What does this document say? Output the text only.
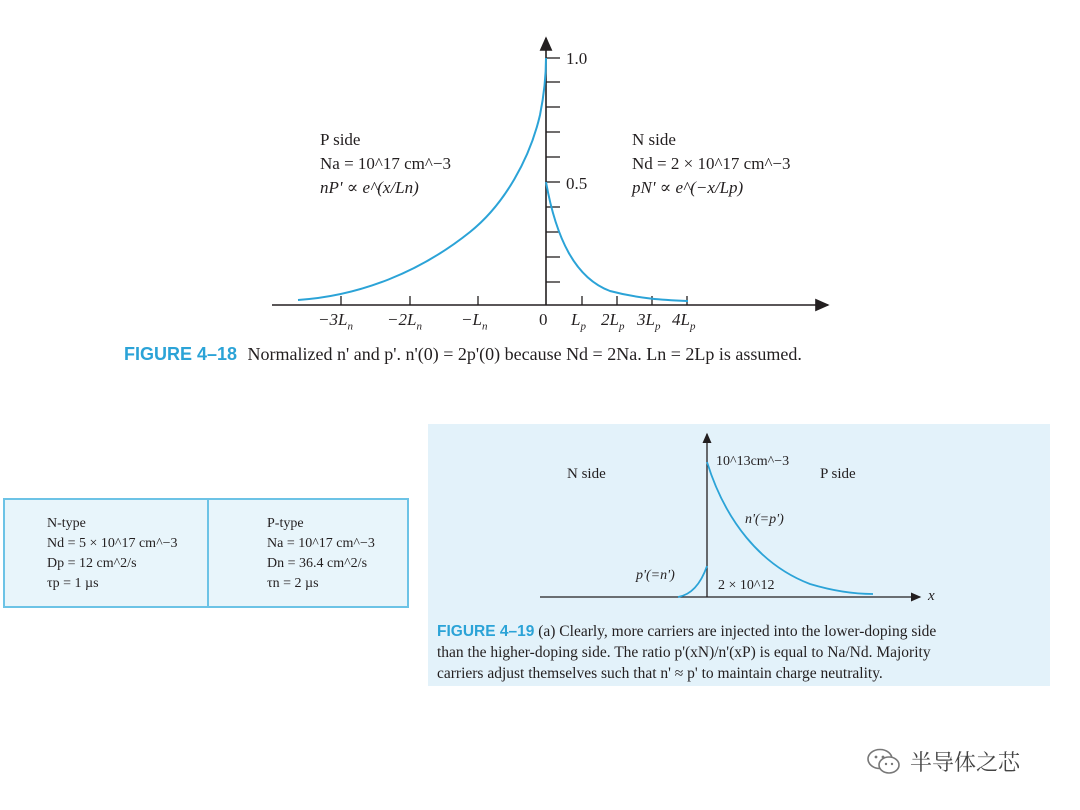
1.0
0.5
$-3L_n -2L_n -L_n$	0 $L_p$ $2L_p$ $3L_p$ $4L_p$
P side
Na = 10^17 cm^−3
nP' ∝ e^(x/Ln)
N side
Nd = 2 × 10^17 cm^−3
pN' ∝ e^(−x/Lp)
FIGURE 4–18 Normalized n' and p'. n'(0) = 2p'(0) because Nd = 2Na. Ln = 2Lp is assumed.
N-type
Nd = 5 × 10^17 cm^−3
Dp = 12 cm^2/s
τp = 1 µs
P-type
Na = 10^17 cm^−3
Dn = 36.4 cm^2/s
τn = 2 µs
N side	P side
10^13cm^−3
n'(=p')
p'(=n')
2 × 10^12
x
FIGURE 4–19 (a) Clearly, more carriers are injected into the lower-doping side
than the higher-doping side. The ratio p'(xN)/n'(xP) is equal to Na/Nd. Majority
carriers adjust themselves such that n' ≈ p' to maintain charge neutrality.
半导体之芯
